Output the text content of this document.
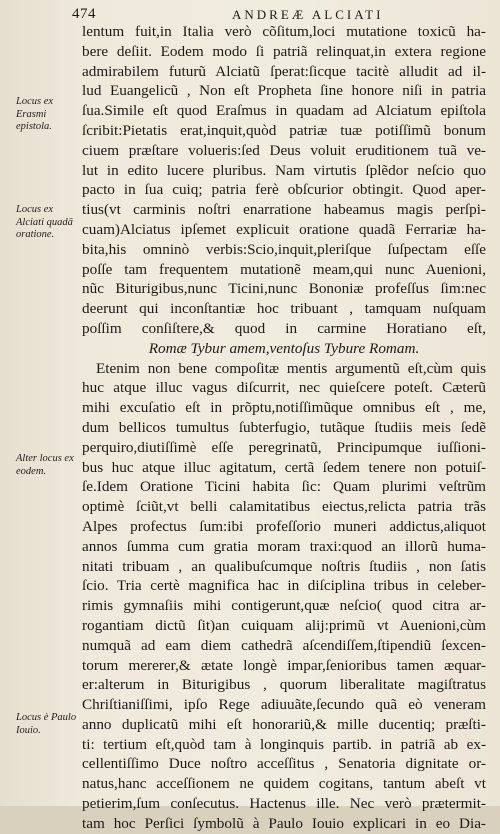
474	ANDREÆ ALCIATI
Locus ex Erasmi epistola.
Locus ex Alciati quadā oratione.
Alter locus ex eodem.
Locus è Paulo Iouio.
lentum fuit,in Italia verò cõſitum,loci mutatione toxicũ ha-
bere deſiit. Eodem modo ſi patriã relinquat,in extera regione
admirabilem futurũ Alciatũ ſperat:ſicque tacitè alludit ad il-
lud Euangelicũ , Non eſt Propheta ſine honore niſi in patria
ſua.Simile eſt quod Eraſmus in quadam ad Alciatum epiſtola
ſcribit:Pietatis erat,inquit,quòd patriæ tuæ potiſſimũ bonum
ciuem præſtare volueris:ſed Deus voluit eruditionem tuã ve-
lut in edito lucere pluribus. Nam virtutis ſplẽdor neſcio quo
pacto in ſua cuiq; patria ferè obſcurior obtingit. Quod aper-
tius(vt carminis noſtri enarratione habeamus magis perſpi-
cuam)Alciatus ipſemet explicuit oratione quadã Ferrariæ ha-
bita,his omninò verbis:Scio,inquit,pleriſque ſuſpectam eſſe
poſſe tam frequentem mutationẽ meam,qui nunc Auenioni,
nũc Biturigibus,nunc Ticini,nunc Bononiæ profeſſus ſim:nec
deerunt qui inconſtantiæ hoc tribuant , tamquam nuſquam
poſſim conſiſtere,& quod in carmine Horatiano eſt,
Romæ Tybur amem,ventoſus Tybure Romam.
Etenim non bene compoſitæ mentis argumentũ eſt,cùm quis
huc atque illuc vagus diſcurrit, nec quieſcere poteſt. Cæterũ
mihi excuſatio eſt in prõptu,notiſſimũque omnibus eſt , me,
dum bellicos tumultus ſubterfugio, tutãque ſtudiis meis ſedẽ
perquiro,diutiſſimè eſſe peregrinatũ, Principumque iuſſioni-
bus huc atque illuc agitatum, certã ſedem tenere non potuiſ-
ſe.Idem Oratione Ticini habita ſic: Quam plurimi veſtrũm
optimè ſciũt,vt belli calamitatibus eiectus,relicta patria trãs
Alpes profectus ſum:ibi profeſſorio muneri addictus,aliquot
annos ſumma cum gratia moram traxi:quod an illorũ huma-
nitati tribuam , an qualibuſcumque noſtris ſtudiis , non ſatis
ſcio. Tria certè magnifica hac in diſciplina tribus in celeber-
rimis gymnaſiis mihi contigerunt,quæ neſcio( quod citra ar-
rogantiam dictũ ſit)an cuiquam alij:primũ vt Auenioni,cùm
numquã ad eam diem cathedrã aſcendiſſem,ſtipendiũ ſexcen-
torum mererer,& ætate longè impar,ſenioribus tamen æquar-
er:alterum in Biturigibus , quorum liberalitate magiſtratus
Chriſtianiſſimi, ipſo Rege adiuuãte,ſecundo quã eò veneram
anno duplicatũ mihi eſt honorariũ,& mille ducentiq; præſti-
ti: tertium eſt,quòd tam à longinquis partib. in patriã ab ex-
cellentiſſimo Duce noſtro acceſſitus , Senatoria dignitate or-
natus,hanc acceſſionem ne quidem cogitans, tantum abeſt vt
petierim,ſum conſecutus. Hactenus ille. Nec verò prætermit-
tam hoc Perſici ſymbolũ à Paulo Iouio explicari in eo Dia-
